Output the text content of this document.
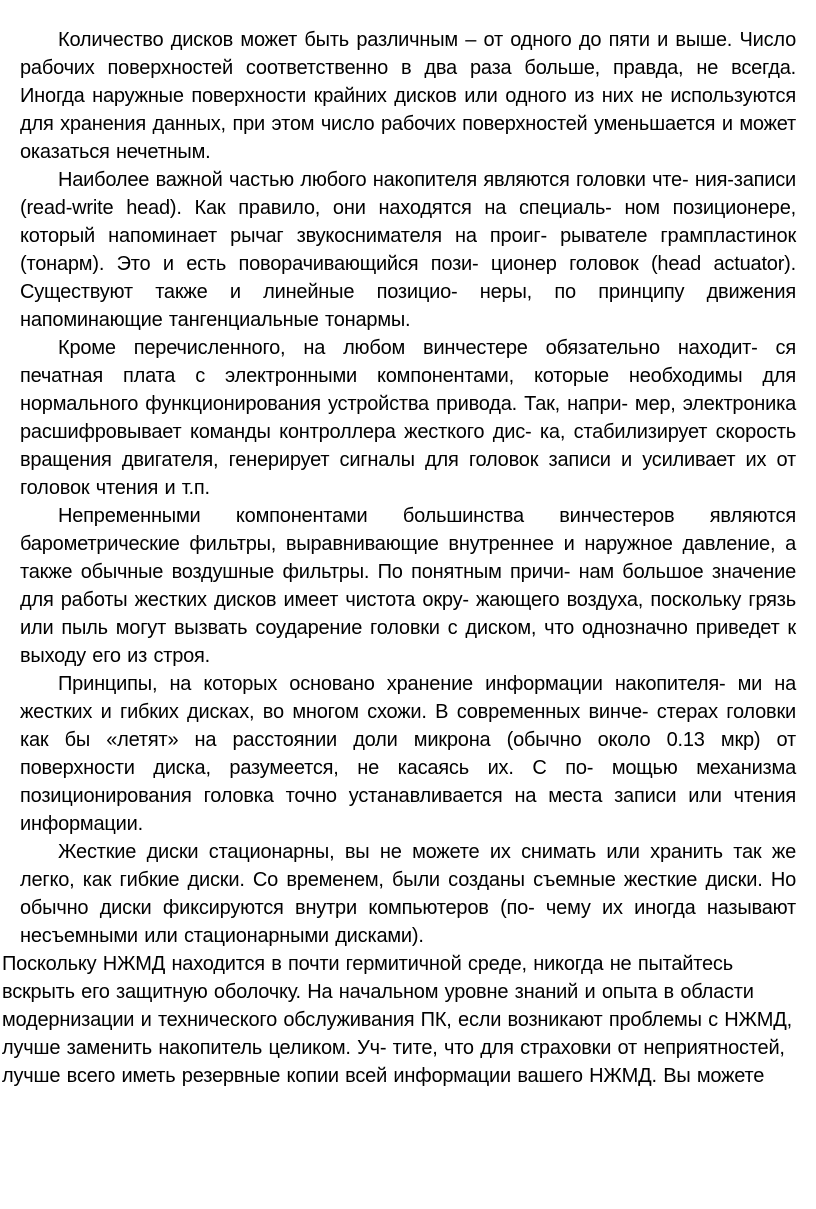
Количество дисков может быть различным – от одного до пяти и выше. Число рабочих поверхностей соответственно в два раза больше, правда, не всегда. Иногда наружные поверхности крайних дисков или одного из них не используются для хранения данных, при этом число рабочих поверхностей уменьшается и может оказаться нечетным.

Наиболее важной частью любого накопителя являются головки чте- ния-записи (read-write head). Как правило, они находятся на специаль- ном позиционере, который напоминает рычаг звукоснимателя на проиг- рывателе грампластинок (тонарм). Это и есть поворачивающийся пози- ционер головок (head actuator). Существуют также и линейные позицио- неры, по принципу движения напоминающие тангенциальные тонармы.

Кроме перечисленного, на любом винчестере обязательно находит- ся печатная плата с электронными компонентами, которые необходимы для нормального функционирования устройства привода. Так, напри- мер, электроника расшифровывает команды контроллера жесткого дис- ка, стабилизирует скорость вращения двигателя, генерирует сигналы для головок записи и усиливает их от головок чтения и т.п.

Непременными компонентами большинства винчестеров являются барометрические фильтры, выравнивающие внутреннее и наружное давление, а также обычные воздушные фильтры. По понятным причи- нам большое значение для работы жестких дисков имеет чистота окру- жающего воздуха, поскольку грязь или пыль могут вызвать соударение головки с диском, что однозначно приведет к выходу его из строя.

Принципы, на которых основано хранение информации накопителя- ми на жестких и гибких дисках, во многом схожи. В современных винче- стерах головки как бы «летят» на расстоянии доли микрона (обычно около 0.13 мкр) от поверхности диска, разумеется, не касаясь их. С по- мощью механизма позиционирования головка точно устанавливается на места записи или чтения информации.

Жесткие диски стационарны, вы не можете их снимать или хранить так же легко, как гибкие диски. Со временем, были созданы съемные жесткие диски. Но обычно диски фиксируются внутри компьютеров (по- чему их иногда называют несъемными или стационарными дисками).

Поскольку НЖМД находится в почти гермитичной среде, никогда не пытайтесь вскрыть его защитную оболочку. На начальном уровне знаний и опыта в области модернизации и технического обслуживания ПК, если возникают проблемы с НЖМД, лучше заменить накопитель целиком. Уч- тите, что для страховки от неприятностей, лучше всего иметь резервные копии всей информации вашего НЖМД. Вы можете
